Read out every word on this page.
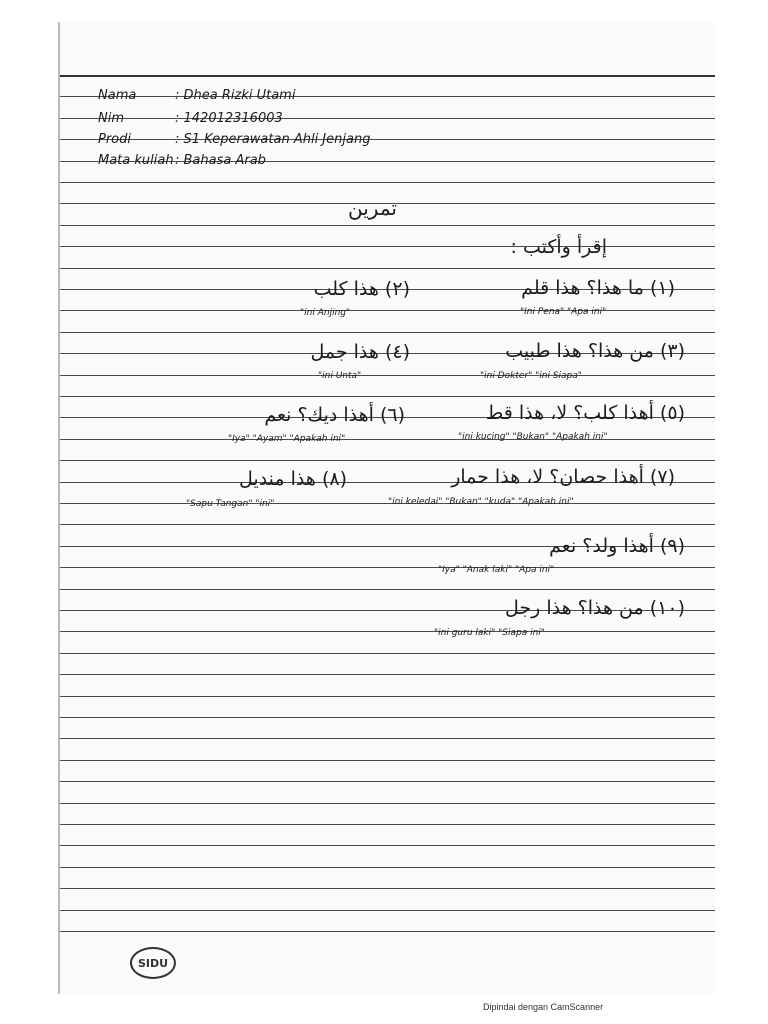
Nama	: Dhea Rizki Utami
Nim	: 142012316003
Prodi	: S1 Keperawatan Ahli Jenjang
Mata kuliah : Bahasa Arab
تمرين
إقرأ وأكتب :
(١) ما هذا؟ هذا قلم
"Ini Pena" "Apa ini"
(٢) هذا كلب
"ini Anjing"
(٣) من هذا؟ هذا طبيب
"ini Dokter" "ini Siapa"
(٤) هذا جمل
"ini Unta"
(٥) أهذا كلب؟ لا، هذا قط
"ini kucing" "Bukan" "Apakah ini"
(٦) أهذا ديك؟ نعم
"Iya" "Ayam" "Apakah ini"
(٧) أهذا حصان؟ لا، هذا حمار
"ini keledai" "Bukan" "kuda" "Apakah ini"
(٨) هذا منديل
"Sapu Tangan" "ini"
(٩) أهذا ولد؟ نعم
"Iya" "Anak laki" "Apa ini"
(١٠) من هذا؟ هذا رجل
"ini guru laki" "Siapa ini"
SIDU
Dipindai dengan CamScanner
